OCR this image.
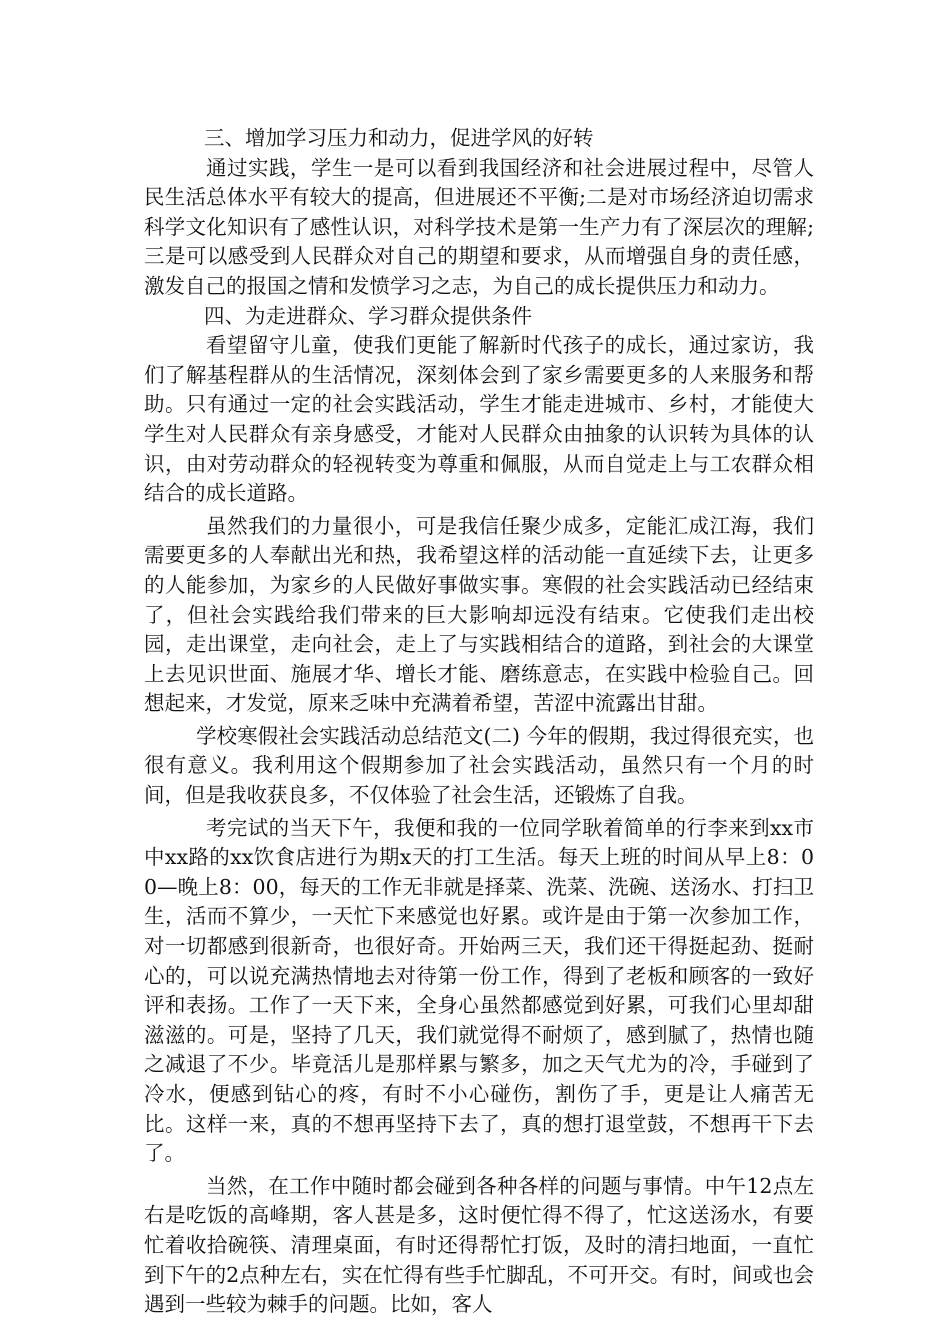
三、增加学习压力和动力，促进学风的好转

通过实践，学生一是可以看到我国经济和社会进展过程中，尽管人民生活总体水平有较大的提高，但进展还不平衡;二是对市场经济迫切需求科学文化知识有了感性认识，对科学技术是第一生产力有了深层次的理解;三是可以感受到人民群众对自己的期望和要求，从而增强自身的责任感，激发自己的报国之情和发愤学习之志，为自己的成长提供压力和动力。

四、为走进群众、学习群众提供条件

看望留守儿童，使我们更能了解新时代孩子的成长，通过家访，我们了解基程群从的生活情况，深刻体会到了家乡需要更多的人来服务和帮助。只有通过一定的社会实践活动，学生才能走进城市、乡村，才能使大学生对人民群众有亲身感受，才能对人民群众由抽象的认识转为具体的认识，由对劳动群众的轻视转变为尊重和佩服，从而自觉走上与工农群众相结合的成长道路。

虽然我们的力量很小，可是我信任聚少成多，定能汇成江海，我们需要更多的人奉献出光和热，我希望这样的活动能一直延续下去，让更多的人能参加，为家乡的人民做好事做实事。寒假的社会实践活动已经结束了，但社会实践给我们带来的巨大影响却远没有结束。它使我们走出校园，走出课堂，走向社会，走上了与实践相结合的道路，到社会的大课堂上去见识世面、施展才华、增长才能、磨练意志，在实践中检验自己。回想起来，才发觉，原来乏味中充满着希望，苦涩中流露出甘甜。

学校寒假社会实践活动总结范文(二) 今年的假期，我过得很充实，也很有意义。我利用这个假期参加了社会实践活动，虽然只有一个月的时间，但是我收获良多，不仅体验了社会生活，还锻炼了自我。

考完试的当天下午，我便和我的一位同学耿着简单的行李来到xx市中xx路的xx饮食店进行为期x天的打工生活。每天上班的时间从早上8：00—晚上8：00，每天的工作无非就是择菜、洗菜、洗碗、送汤水、打扫卫生，活而不算少，一天忙下来感觉也好累。或许是由于第一次参加工作，对一切都感到很新奇，也很好奇。开始两三天，我们还干得挺起劲、挺耐心的，可以说充满热情地去对待第一份工作，得到了老板和顾客的一致好评和表扬。工作了一天下来，全身心虽然都感觉到好累，可我们心里却甜滋滋的。可是，坚持了几天，我们就觉得不耐烦了，感到腻了，热情也随之减退了不少。毕竟活儿是那样累与繁多，加之天气尤为的冷，手碰到了冷水，便感到钻心的疼，有时不小心碰伤，割伤了手，更是让人痛苦无比。这样一来，真的不想再坚持下去了，真的想打退堂鼓，不想再干下去了。

当然，在工作中随时都会碰到各种各样的问题与事情。中午12点左右是吃饭的高峰期，客人甚是多，这时便忙得不得了，忙这送汤水，有要忙着收拾碗筷、清理桌面，有时还得帮忙打饭，及时的清扫地面，一直忙到下午的2点种左右，实在忙得有些手忙脚乱，不可开交。有时，间或也会遇到一些较为棘手的问题。比如，客人
